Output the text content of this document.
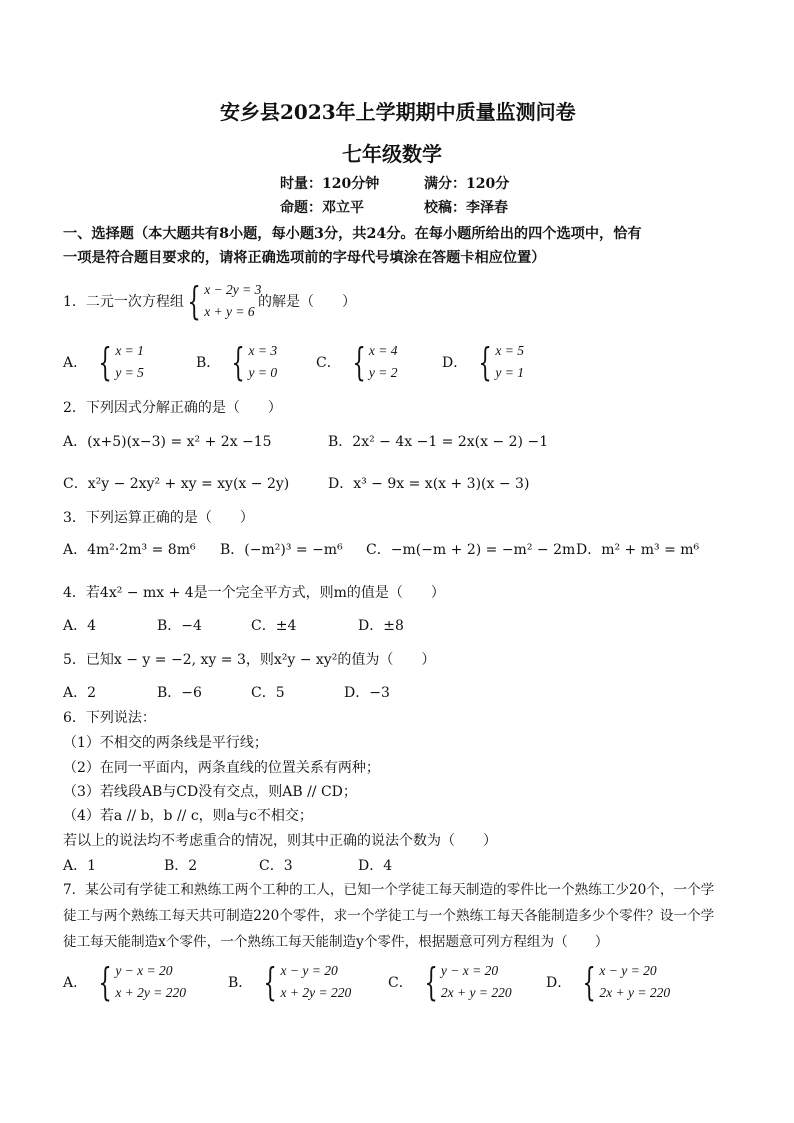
安乡县2023年上学期期中质量监测问卷
七年级数学
时量：120分钟	满分：120分
命题：邓立平	校稿：李泽春
一、选择题（本大题共有8小题，每小题3分，共24分。在每小题所给出的四个选项中，恰有
一项是符合题目要求的，请将正确选项前的字母代号填涂在答题卡相应位置）
1．二元一次方程组 { x − 2y = 3
x + y = 6
的解是（　　）
A． { x = 1
y = 5
B． { x = 3
y = 0
C． { x = 4
y = 2
D． { x = 5
y = 1
2．下列因式分解正确的是（　　）
A．(x+5)(x−3) = x² + 2x −15	B．2x² − 4x −1 = 2x(x − 2) −1
C．x²y − 2xy² + xy = xy(x − 2y)	D．x³ − 9x = x(x + 3)(x − 3)
3．下列运算正确的是（　　）
A．4m²·2m³ = 8m⁶ B．(−m²)³ = −m⁶ C．−m(−m + 2) = −m² − 2m D．m² + m³ = m⁶
4．若4x² − mx + 4是一个完全平方式，则m的值是（　　）
A．4	B．−4	C．±4	D．±8
5．已知x − y = −2, xy = 3，则x²y − xy²的值为（　　）
A．2	B．−6	C．5	D．−3
6．下列说法：
（1）不相交的两条线是平行线；
（2）在同一平面内，两条直线的位置关系有两种；
（3）若线段AB与CD没有交点，则AB // CD；
（4）若a // b，b // c，则a与c不相交；
若以上的说法均不考虑重合的情况，则其中正确的说法个数为（　　）
A．1	B．2	C．3	D．4
7．某公司有学徒工和熟练工两个工种的工人，已知一个学徒工每天制造的零件比一个熟练工少20个，一个学
徒工与两个熟练工每天共可制造220个零件，求一个学徒工与一个熟练工每天各能制造多少个零件？设一个学
徒工每天能制造x个零件，一个熟练工每天能制造y个零件，根据题意可列方程组为（　　）
A． { y − x = 20
x + 2y = 220
B． { x − y = 20
x + 2y = 220
C． { y − x = 20
2x + y = 220
D． { x − y = 20
2x + y = 220
